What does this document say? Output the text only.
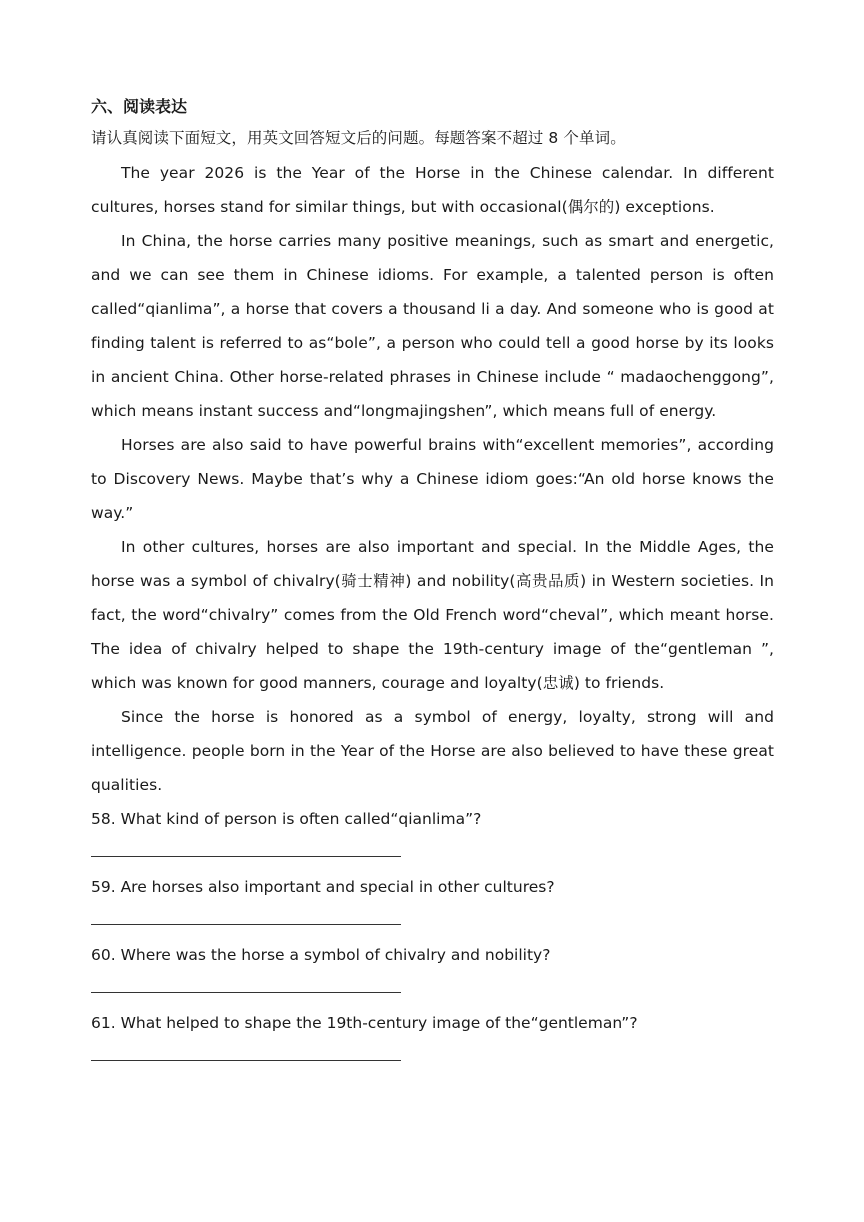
六、阅读表达

请认真阅读下面短文，用英文回答短文后的问题。每题答案不超过 8 个单词。

The year 2026 is the Year of the Horse in the Chinese calendar. In different cultures, horses stand for similar things, but with occasional(偶尔的) exceptions.

In China, the horse carries many positive meanings, such as smart and energetic, and we can see them in Chinese idioms. For example, a talented person is often called“qianlima”, a horse that covers a thousand li a day. And someone who is good at finding talent is referred to as“bole”, a person who could tell a good horse by its looks in ancient China. Other horse-related phrases in Chinese include “ madaochenggong”, which means instant success and“longmajingshen”, which means full of energy.

Horses are also said to have powerful brains with“excellent memories”, according to Discovery News. Maybe that’s why a Chinese idiom goes:“An old horse knows the way.”

In other cultures, horses are also important and special. In the Middle Ages, the horse was a symbol of chivalry(骑士精神) and nobility(高贵品质) in Western societies. In fact, the word“chivalry” comes from the Old French word“cheval”, which meant horse. The idea of chivalry helped to shape the 19th-century image of the“gentleman ”, which was known for good manners, courage and loyalty(忠诚) to friends.

Since the horse is honored as a symbol of energy, loyalty, strong will and intelligence. people born in the Year of the Horse are also believed to have these great qualities.

58. What kind of person is often called“qianlima”?

59. Are horses also important and special in other cultures?

60. Where was the horse a symbol of chivalry and nobility?

61. What helped to shape the 19th-century image of the“gentleman”?
